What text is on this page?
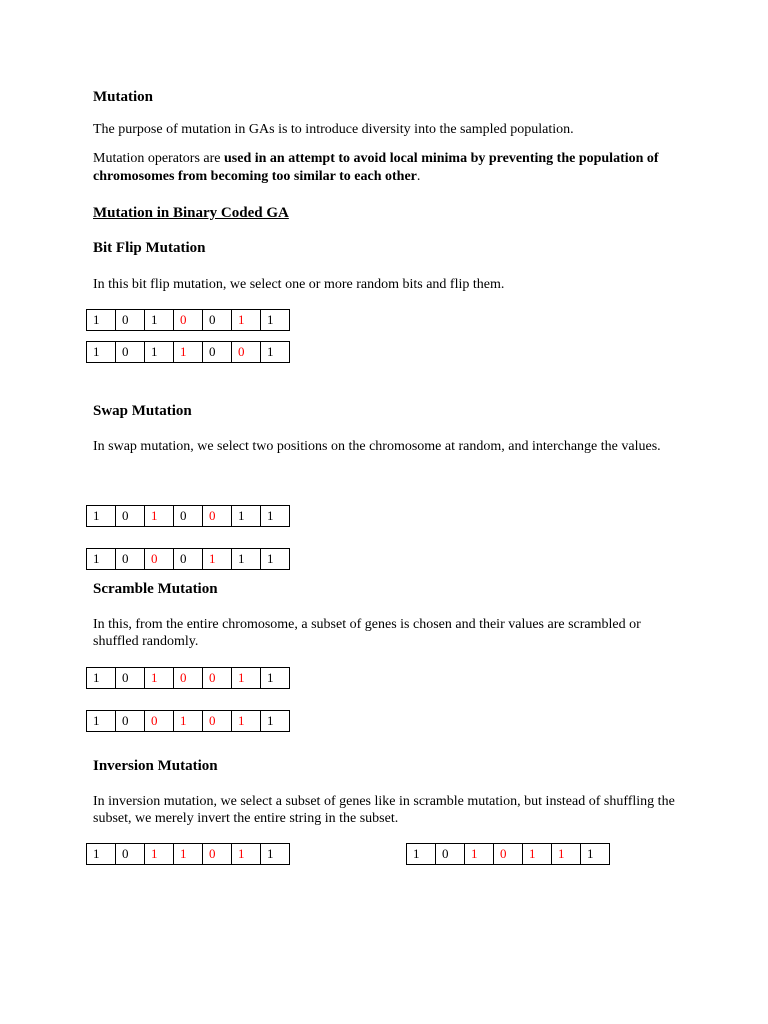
Mutation

The purpose of mutation in GAs is to introduce diversity into the sampled population.

Mutation operators are used in an attempt to avoid local minima by preventing the population of chromosomes from becoming too similar to each other.

Mutation in Binary Coded GA

Bit Flip Mutation

In this bit flip mutation, we select one or more random bits and flip them.

1	0	1	0	0	1	1
1	0	1	1	0	0	1

Swap Mutation

In swap mutation, we select two positions on the chromosome at random, and interchange the values.

1	0	1	0	0	1	1
1	0	0	0	1	1	1

Scramble Mutation

In this, from the entire chromosome, a subset of genes is chosen and their values are scrambled or shuffled randomly.

1	0	1	0	0	1	1
1	0	0	1	0	1	1

Inversion Mutation

In inversion mutation, we select a subset of genes like in scramble mutation, but instead of shuffling the subset, we merely invert the entire string in the subset.

1	0	1	1	0	1	1	1	0	1	0	1	1	1
